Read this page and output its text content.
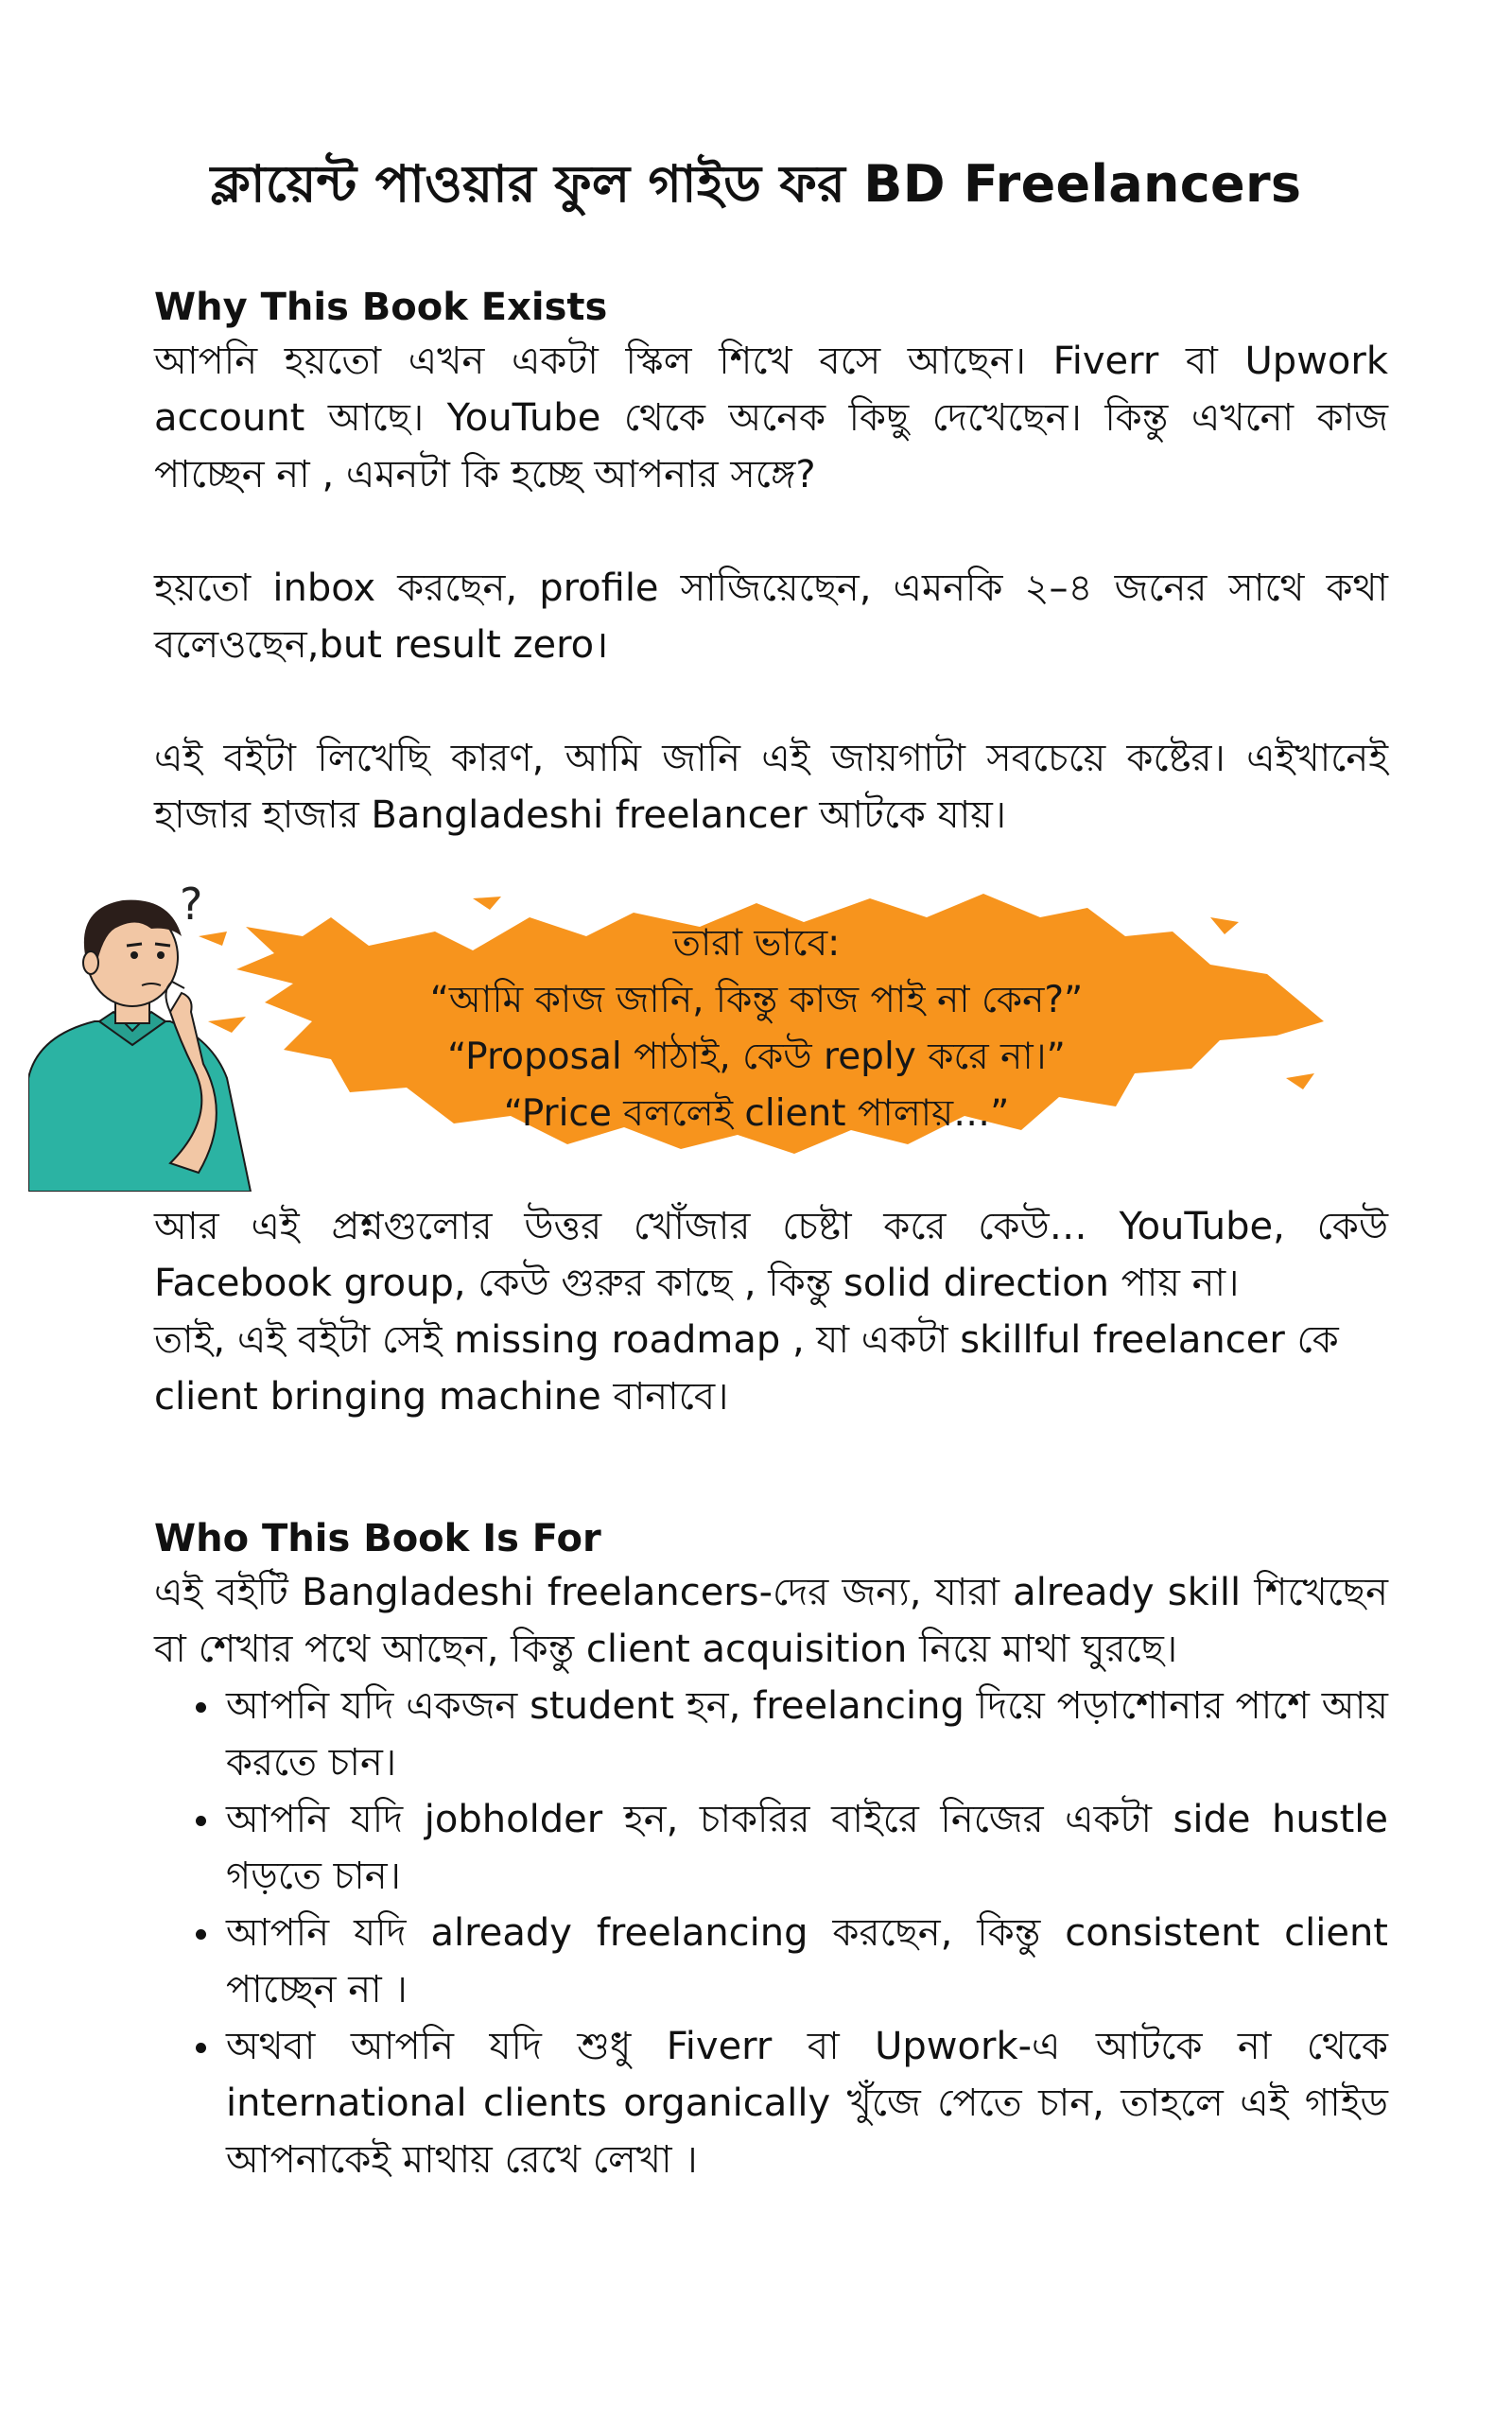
ক্লায়েন্ট পাওয়ার ফুল গাইড ফর BD Freelancers
Why This Book Exists

আপনি হয়তো এখন একটা স্কিল শিখে বসে আছেন। Fiverr বা Upwork account আছে। YouTube থেকে অনেক কিছু দেখেছেন। কিন্তু এখনো কাজ পাচ্ছেন না , এমনটা কি হচ্ছে আপনার সঙ্গে?

হয়তো inbox করছেন, profile সাজিয়েছেন, এমনকি ২–৪ জনের সাথে কথা বলেওছেন,but result zero।

এই বইটা লিখেছি কারণ, আমি জানি এই জায়গাটা সবচেয়ে কষ্টের। এইখানেই হাজার হাজার Bangladeshi freelancer আটকে যায়।

তারা ভাবে:
“আমি কাজ জানি, কিন্তু কাজ পাই না কেন?”
“Proposal পাঠাই, কেউ reply করে না।”
“Price বললেই client পালায়…”
?

আর এই প্রশ্নগুলোর উত্তর খোঁজার চেষ্টা করে কেউ… YouTube, কেউ Facebook group, কেউ গুরুর কাছে , কিন্তু solid direction পায় না।

তাই, এই বইটা সেই missing roadmap , যা একটা skillful freelancer কে client bringing machine বানাবে।

Who This Book Is For

এই বইটি Bangladeshi freelancers-দের জন্য, যারা already skill শিখেছেন বা শেখার পথে আছেন, কিন্তু client acquisition নিয়ে মাথা ঘুরছে।

আপনি যদি একজন student হন, freelancing দিয়ে পড়াশোনার পাশে আয় করতে চান।
আপনি যদি jobholder হন, চাকরির বাইরে নিজের একটা side hustle গড়তে চান।
আপনি যদি already freelancing করছেন, কিন্তু consistent client পাচ্ছেন না ।
অথবা আপনি যদি শুধু Fiverr বা Upwork-এ আটকে না থেকে international clients organically খুঁজে পেতে চান, তাহলে এই গাইড আপনাকেই মাথায় রেখে লেখা ।
